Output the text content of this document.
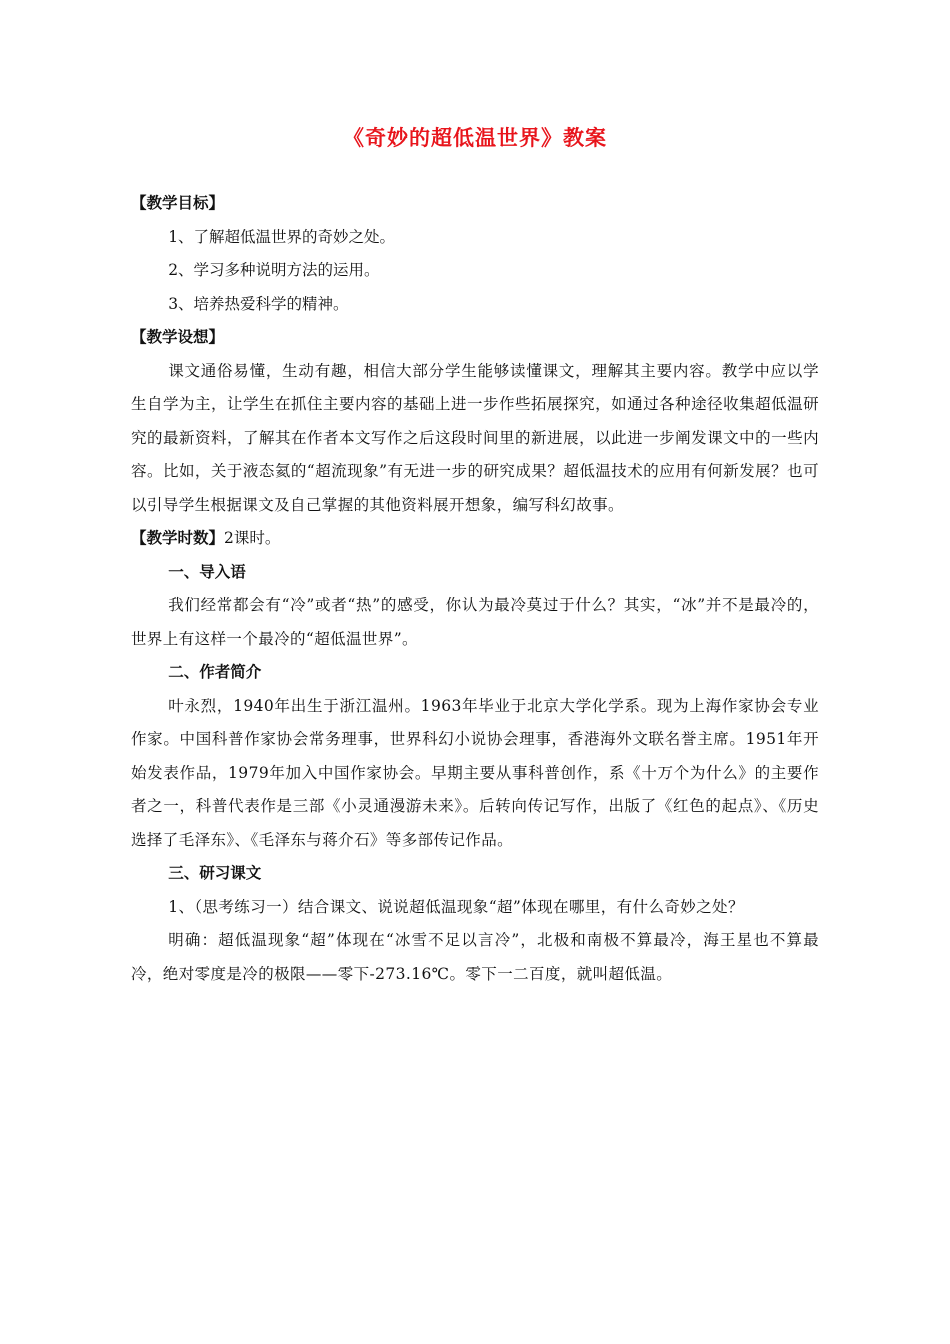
《奇妙的超低温世界》教案

【教学目标】

1、了解超低温世界的奇妙之处。

2、学习多种说明方法的运用。

3、培养热爱科学的精神。

【教学设想】

课文通俗易懂，生动有趣，相信大部分学生能够读懂课文，理解其主要内容。教学中应以学生自学为主，让学生在抓住主要内容的基础上进一步作些拓展探究，如通过各种途径收集超低温研究的最新资料，了解其在作者本文写作之后这段时间里的新进展，以此进一步阐发课文中的一些内容。比如，关于液态氦的“超流现象”有无进一步的研究成果？超低温技术的应用有何新发展？也可以引导学生根据课文及自己掌握的其他资料展开想象，编写科幻故事。

【教学时数】2课时。

一、导入语

我们经常都会有“冷”或者“热”的感受，你认为最冷莫过于什么？其实，“冰”并不是最冷的，世界上有这样一个最冷的“超低温世界”。

二、作者简介

叶永烈，1940年出生于浙江温州。1963年毕业于北京大学化学系。现为上海作家协会专业作家。中国科普作家协会常务理事，世界科幻小说协会理事，香港海外文联名誉主席。1951年开始发表作品，1979年加入中国作家协会。早期主要从事科普创作，系《十万个为什么》的主要作者之一，科普代表作是三部《小灵通漫游未来》。后转向传记写作，出版了《红色的起点》、《历史选择了毛泽东》、《毛泽东与蒋介石》等多部传记作品。

三、研习课文

1、（思考练习一）结合课文、说说超低温现象“超”体现在哪里，有什么奇妙之处？

明确：超低温现象“超”体现在“冰雪不足以言冷”，北极和南极不算最冷，海王星也不算最冷，绝对零度是冷的极限——零下-273.16℃。零下一二百度，就叫超低温。
